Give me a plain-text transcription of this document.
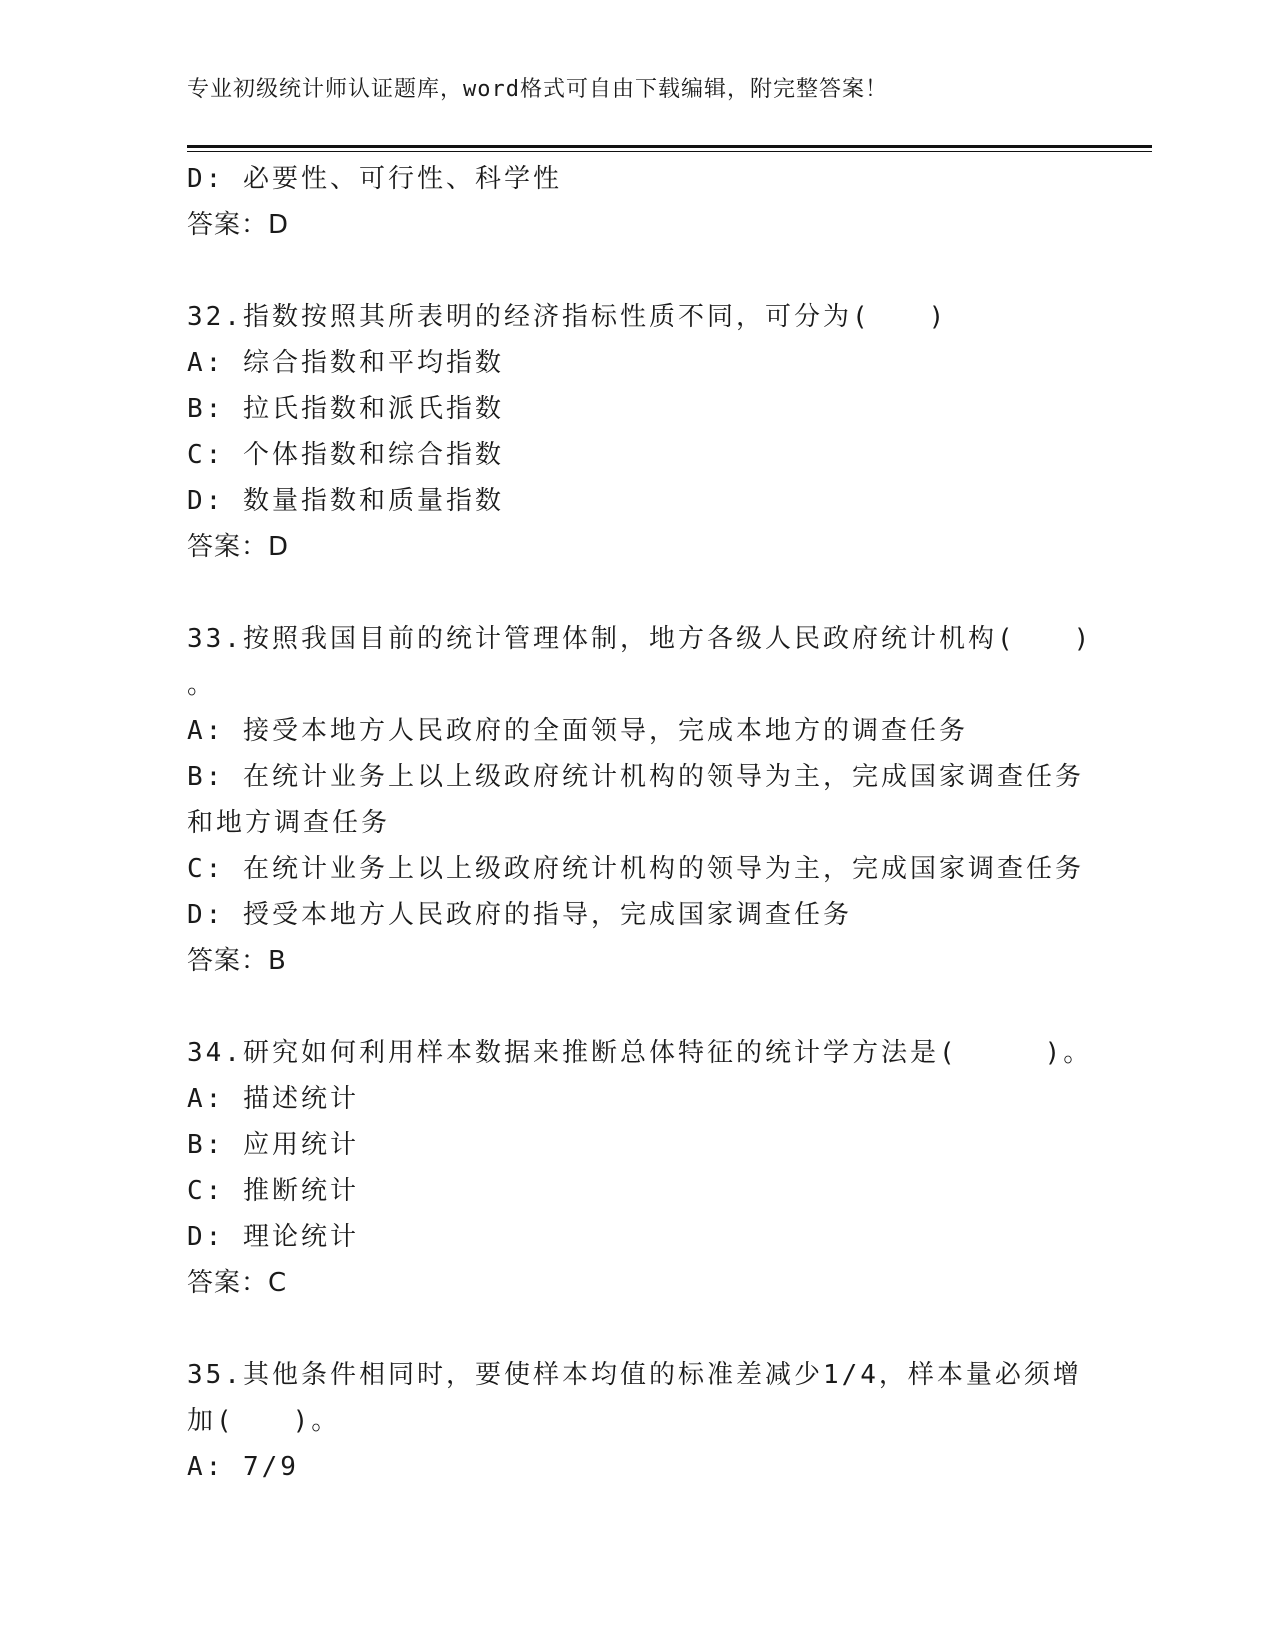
专业初级统计师认证题库，word格式可自由下载编辑，附完整答案！
D: 必要性、可行性、科学性
答案：D
32.指数按照其所表明的经济指标性质不同，可分为(　　)
A: 综合指数和平均指数
B: 拉氏指数和派氏指数
C: 个体指数和综合指数
D: 数量指数和质量指数
答案：D
33.按照我国目前的统计管理体制，地方各级人民政府统计机构(　　)
。
A: 接受本地方人民政府的全面领导，完成本地方的调查任务
B: 在统计业务上以上级政府统计机构的领导为主，完成国家调查任务
和地方调查任务
C: 在统计业务上以上级政府统计机构的领导为主，完成国家调查任务
D: 授受本地方人民政府的指导，完成国家调查任务
答案：B
34.研究如何利用样本数据来推断总体特征的统计学方法是(　　　)。
A: 描述统计
B: 应用统计
C: 推断统计
D: 理论统计
答案：C
35.其他条件相同时，要使样本均值的标准差减少1/4，样本量必须增
加(　　)。
A: 7/9
